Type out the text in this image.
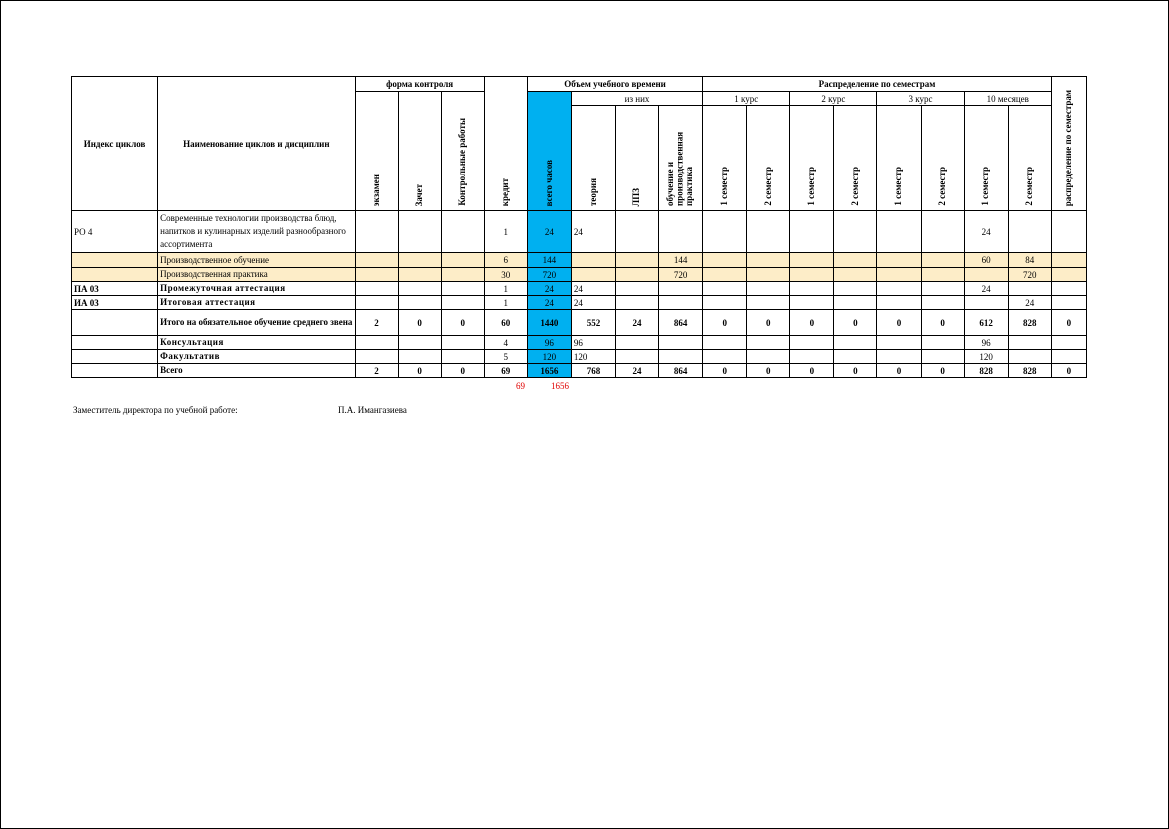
Индекс циклов	Наименование циклов и дисциплин	форма контроля			кредит	Объем учебного времени				Распределение по семестрам								распределение по семестрам
		экзамен	Зачет	Контрольные работы		всего часов	из них			1 курс		2 курс		3 курс		10 месяцев		
							теория	ЛПЗ	обучение и производственная практика	1 семестр	2 семестр	1 семестр	2 семестр	1 семестр	2 семестр	1 семестр	2 семестр	
РО 4	Современные технологии производства блюд, напитков и кулинарных изделий разнообразного ассортимента				1	24	24									24		
	Производственное обучение				6	144			144							60	84	
	Производственная практика				30	720			720								720	
ПА 03	Промежуточная аттестация				1	24	24									24		
ИА 03	Итоговая аттестация				1	24	24										24	
	Итого на обязательное обучение среднего звена	2	0	0	60	1440	552	24	864	0	0	0	0	0	0	612	828	0
	Консультация				4	96	96									96		
	Факультатив				5	120	120									120		
	Всего	2	0	0	69	1656	768	24	864	0	0	0	0	0	0	828	828	0
69	1656
Заместитель директора по учебной работе:	П.А. Имангазиева
